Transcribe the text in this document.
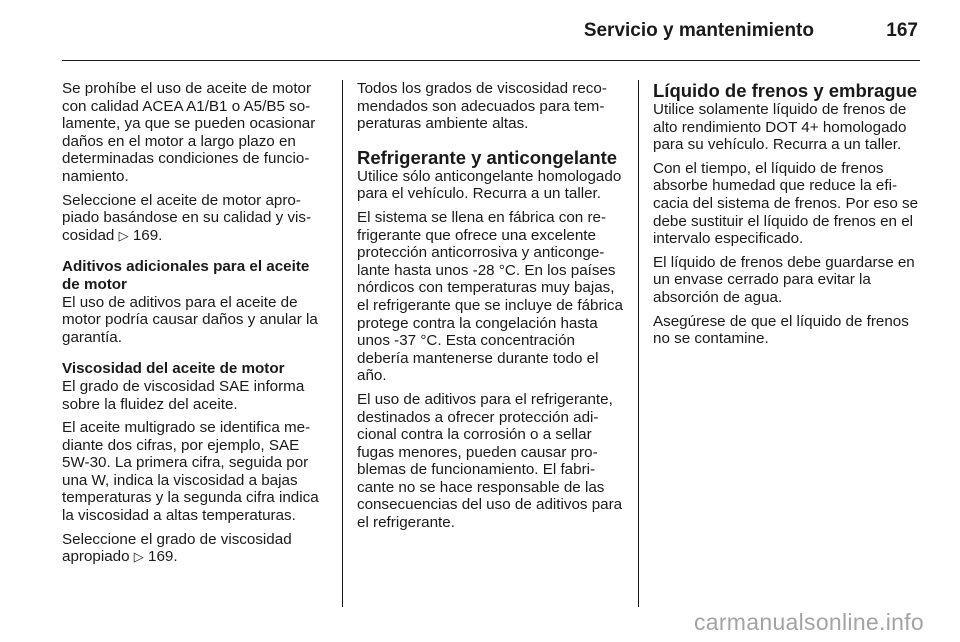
Servicio y mantenimiento	167

Se prohíbe el uso de aceite de motor con calidad ACEA A1/B1 o A5/B5 solamente, ya que se pueden ocasionar daños en el motor a largo plazo en determinadas condiciones de funcionamiento.

Seleccione el aceite de motor apropiado basándose en su calidad y viscosidad ▷ 169.

Aditivos adicionales para el aceite de motor

El uso de aditivos para el aceite de motor podría causar daños y anular la garantía.

Viscosidad del aceite de motor

El grado de viscosidad SAE informa sobre la fluidez del aceite.

El aceite multigrado se identifica mediante dos cifras, por ejemplo, SAE 5W-30. La primera cifra, seguida por una W, indica la viscosidad a bajas temperaturas y la segunda cifra indica la viscosidad a altas temperaturas.

Seleccione el grado de viscosidad apropiado ▷ 169.

Todos los grados de viscosidad recomendados son adecuados para temperaturas ambiente altas.

Refrigerante y anticongelante

Utilice sólo anticongelante homologado para el vehículo. Recurra a un taller.

El sistema se llena en fábrica con refrigerante que ofrece una excelente protección anticorrosiva y anticongelante hasta unos -28 °C. En los países nórdicos con temperaturas muy bajas, el refrigerante que se incluye de fábrica protege contra la congelación hasta unos -37 °C. Esta concentración debería mantenerse durante todo el año.

El uso de aditivos para el refrigerante, destinados a ofrecer protección adicional contra la corrosión o a sellar fugas menores, pueden causar problemas de funcionamiento. El fabricante no se hace responsable de las consecuencias del uso de aditivos para el refrigerante.

Líquido de frenos y embrague

Utilice solamente líquido de frenos de alto rendimiento DOT 4+ homologado para su vehículo. Recurra a un taller.

Con el tiempo, el líquido de frenos absorbe humedad que reduce la eficacia del sistema de frenos. Por eso se debe sustituir el líquido de frenos en el intervalo especificado.

El líquido de frenos debe guardarse en un envase cerrado para evitar la absorción de agua.

Asegúrese de que el líquido de frenos no se contamine.

carmanualsonline.info
